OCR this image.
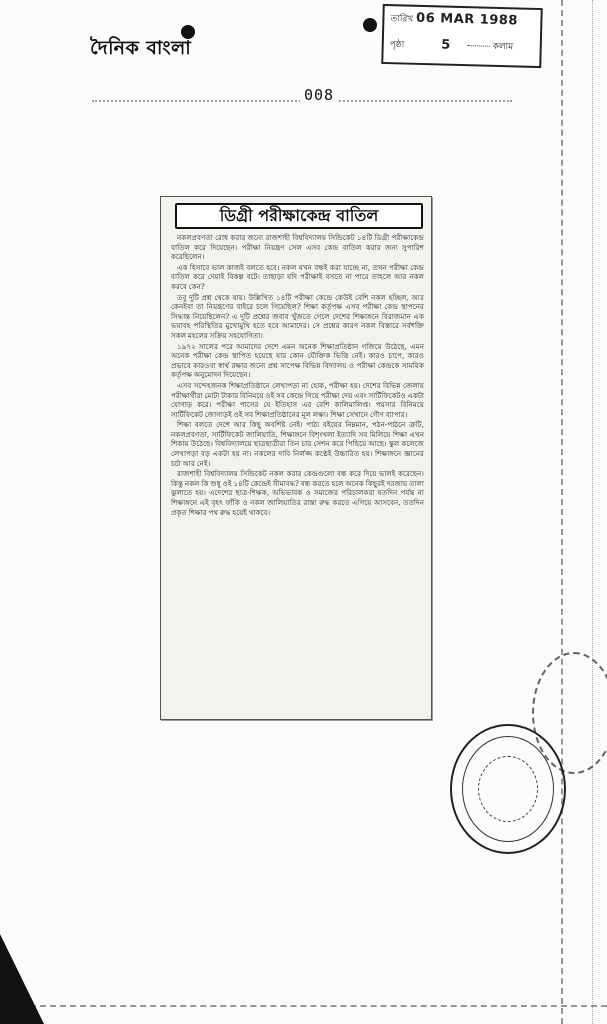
দৈনিক বাংলা
তারিখ 06 MAR 1988
পৃষ্ঠা	5	কলাম
008
ডিগ্রী পরীক্ষাকেন্দ্র বাতিল

নকলপ্রবণতা রোধ করার জন্যে রাজশাহী বিশ্ববিদ্যালয় সিন্ডিকেট ১৪টি ডিগ্রী পরীক্ষাকেন্দ্র বাতিল করে দিয়েছেন। পরীক্ষা নিয়ন্ত্রণ সেল এসব কেন্দ্র বাতিল করার জন্য সুপারিশ করেছিলেন।

এক হিসাবে ভাল কাজই বলতে হবে। নকল যখন বন্ধই করা যাচ্ছে না, তখন পরীক্ষা কেন্দ্র বাতিল করে দেয়াই বিকল্প বটে। তাছাড়া যদি পরীক্ষাই বসতে না পারে তাহলে আর নকল করবে কেন?

তবু দুটি প্রশ্ন থেকে যায়। উল্লিখিত ১৪টি পরীক্ষা কেন্দ্রে কেউই বেশি নকল হচ্ছিল, আর কেনইবা তা নিয়ন্ত্রণের বাইরে চলে গিয়েছিল? শিক্ষা কর্তৃপক্ষ এসব পরীক্ষা কেন্দ্র স্থাপনের সিদ্ধান্ত নিয়েছিলেন? এ দুটি প্রশ্নের জবাব খুঁজতে গেলে দেশের শিক্ষাঙ্গনে বিরাজমান এক ভয়াবহ পরিস্থিতির মুখোমুখি হতে হবে আমাদের। সে প্রশ্নের কারণ নকল বিস্তারে সর্বশক্তি সকল মহলের সক্রিয় সহযোগিতা।

১৯৭২ সালের পরে আমাদের দেশে এমন অনেক শিক্ষাপ্রতিষ্ঠান গজিয়ে উঠেছে, এমন অনেক পরীক্ষা কেন্দ্র স্থাপিত হয়েছে যার কোন যৌক্তিক ভিত্তি নেই। কারও চাপে, কারও প্রভাবে কারওবা স্বার্থ রক্ষার জন্যে প্রশ্ন সাপেক্ষ বিভিন্ন বিদ্যালয় ও পরীক্ষা কেন্দ্রকে সাময়িক কর্তৃপক্ষ অনুমোদন দিয়েছেন।

এসব সন্দেহজনক শিক্ষাপ্রতিষ্ঠানে লেখাপড়া না হোক, পরীক্ষা হয়। দেশের বিভিন্ন জেলায় পরীক্ষার্থীরা মোটা টাকার বিনিময়ে ওই সব কেন্দ্রে গিয়ে পরীক্ষা দেয় এবং সার্টিফিকেটও একটা যোগাড় করে। পরীক্ষা পাসের যে ইতিহাস এর বেশি কালিমালিপ্ত। পয়সার বিনিময়ে সার্টিফিকেট জোগাড়ই ওই সব শিক্ষাপ্রতিষ্ঠানের মূল লক্ষ্য। শিক্ষা সেখানে গৌণ ব্যাপার।

শিক্ষা বলতে দেশে আর কিছু অবশিষ্ট নেই। পাঠ্য বইয়ের নিম্নমান, পঠন-পাঠনে ত্রুটি, নকলপ্রবণতা, সার্টিফিকেট জালিয়াতি, শিক্ষাঙ্গনে বিশৃংখলা ইত্যাদি সব মিলিয়ে শিক্ষা এখন শিকায় উঠেছে। বিশ্ববিদ্যালয়ে ছাত্রছাত্রীরা তিন চার সেশন করে পিছিয়ে আছে। স্কুল কলেজে লেখাপড়া বড় একটা হয় না। নকলের দাবি নির্লজ্জ কণ্ঠেই উচ্চারিত হয়। শিক্ষাঙ্গনে জ্ঞানের চর্চা আর নেই।

রাজশাহী বিশ্ববিদ্যালয় সিন্ডিকেট নকল করার কেন্দ্রগুলো বন্ধ করে দিয়ে ভালই করেছেন। কিন্তু নকল কি শুধু ওই ১৪টি কেন্দ্রেই সীমাবদ্ধ? বন্ধ করতে হলে অনেক কিছুরই দরজায় তালা ঝুলাতে হয়। এদেশের ছাত্র-শিক্ষক, অভিভাবক ও সমাজের পরিচালকরা যতদিন পর্যন্ত না শিক্ষাঙ্গনে এই বৃহৎ ফাঁকি ও নকল জালিয়াতির রাস্তা রুদ্ধ করতে এগিয়ে আসবেন, ততদিন প্রকৃত শিক্ষার পথ রুদ্ধ হয়েই থাকবে।
